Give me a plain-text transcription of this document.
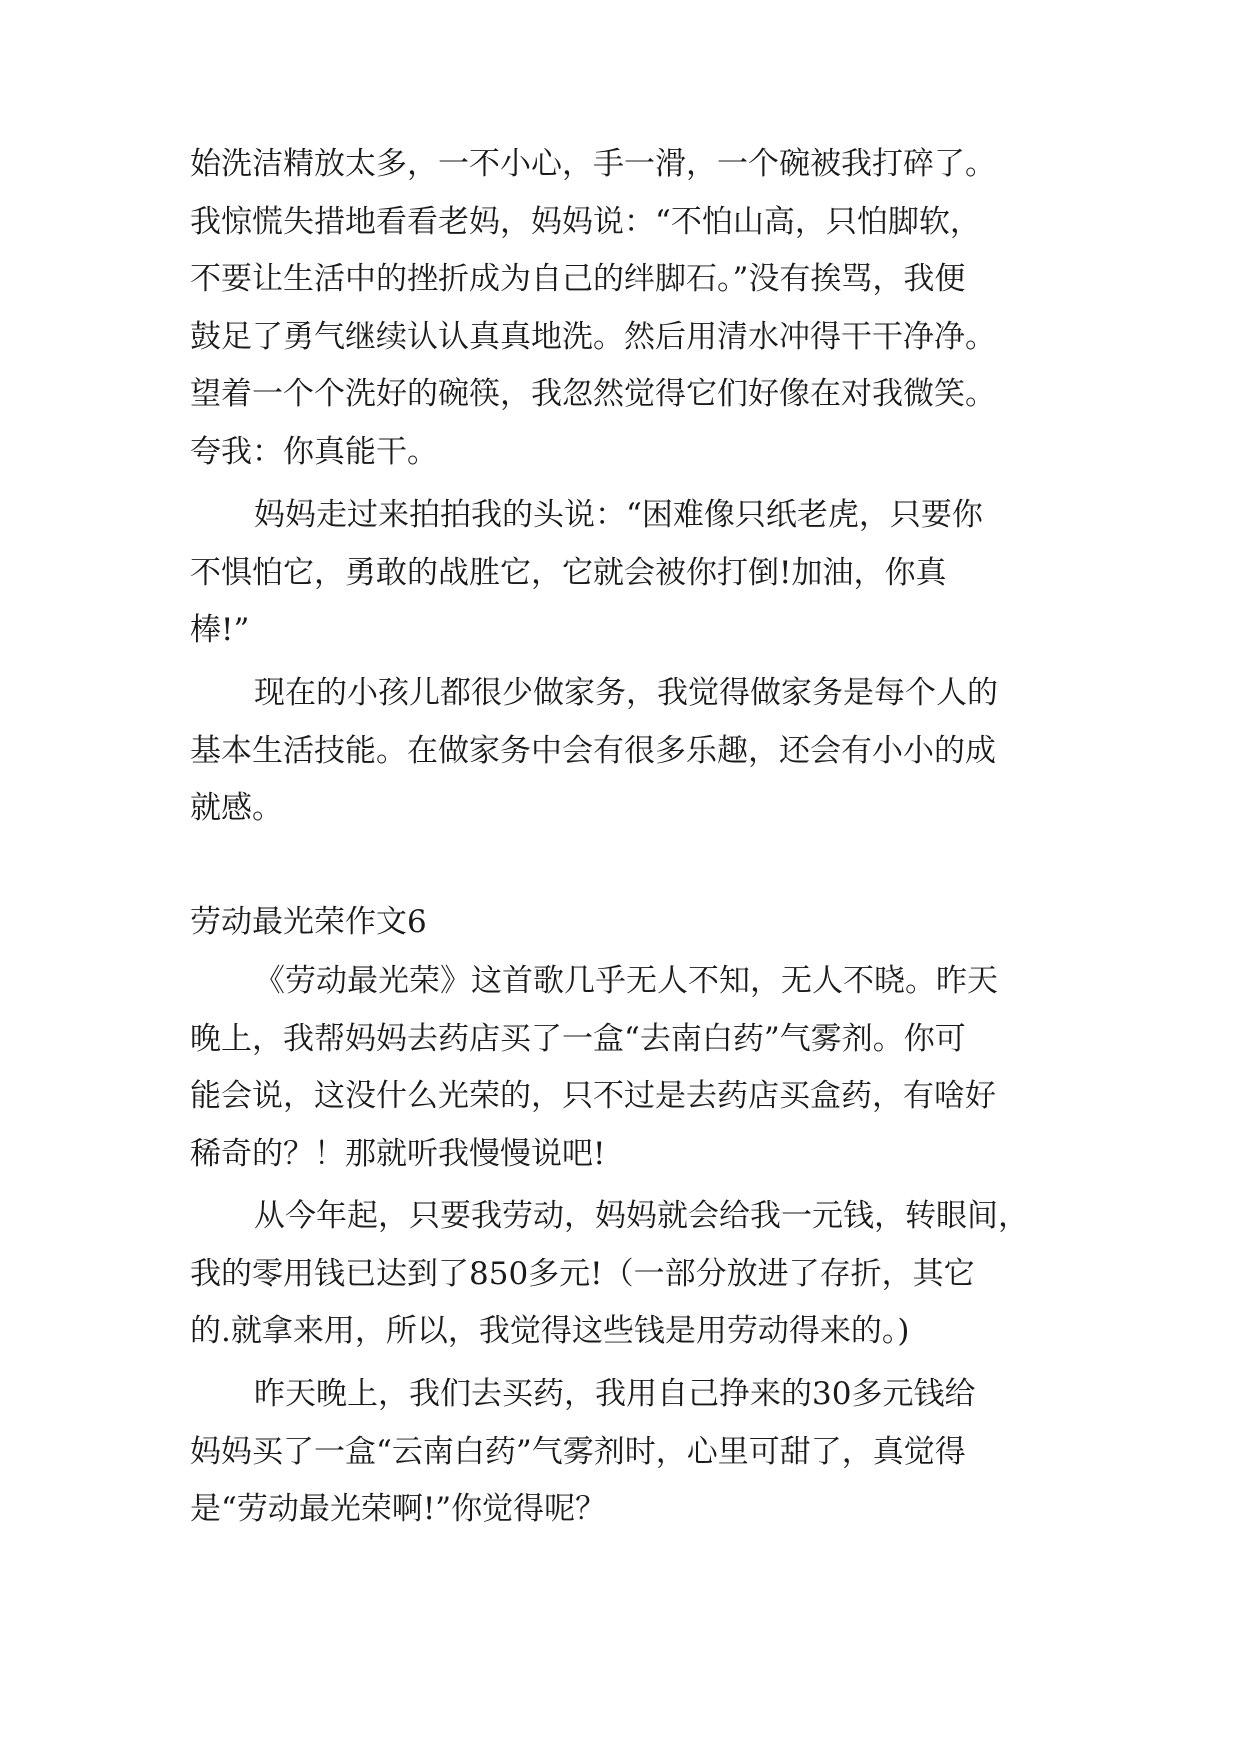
始洗洁精放太多，一不小心，手一滑，一个碗被我打碎了。
我惊慌失措地看看老妈，妈妈说：“不怕山高，只怕脚软，
不要让生活中的挫折成为自己的绊脚石。”没有挨骂，我便
鼓足了勇气继续认认真真地洗。然后用清水冲得干干净净。
望着一个个洗好的碗筷，我忽然觉得它们好像在对我微笑。
夸我：你真能干。
妈妈走过来拍拍我的头说：“困难像只纸老虎，只要你
不惧怕它，勇敢的战胜它，它就会被你打倒!加油，你真
棒!”
现在的小孩儿都很少做家务，我觉得做家务是每个人的
基本生活技能。在做家务中会有很多乐趣，还会有小小的成
就感。
劳动最光荣作文6
《劳动最光荣》这首歌几乎无人不知，无人不晓。昨天
晚上，我帮妈妈去药店买了一盒“去南白药”气雾剂。你可
能会说，这没什么光荣的，只不过是去药店买盒药，有啥好
稀奇的？！那就听我慢慢说吧!
从今年起，只要我劳动，妈妈就会给我一元钱，转眼间，
我的零用钱已达到了850多元!（一部分放进了存折，其它
的.就拿来用，所以，我觉得这些钱是用劳动得来的。)
昨天晚上，我们去买药，我用自己挣来的30多元钱给
妈妈买了一盒“云南白药”气雾剂时，心里可甜了，真觉得
是“劳动最光荣啊!”你觉得呢？
